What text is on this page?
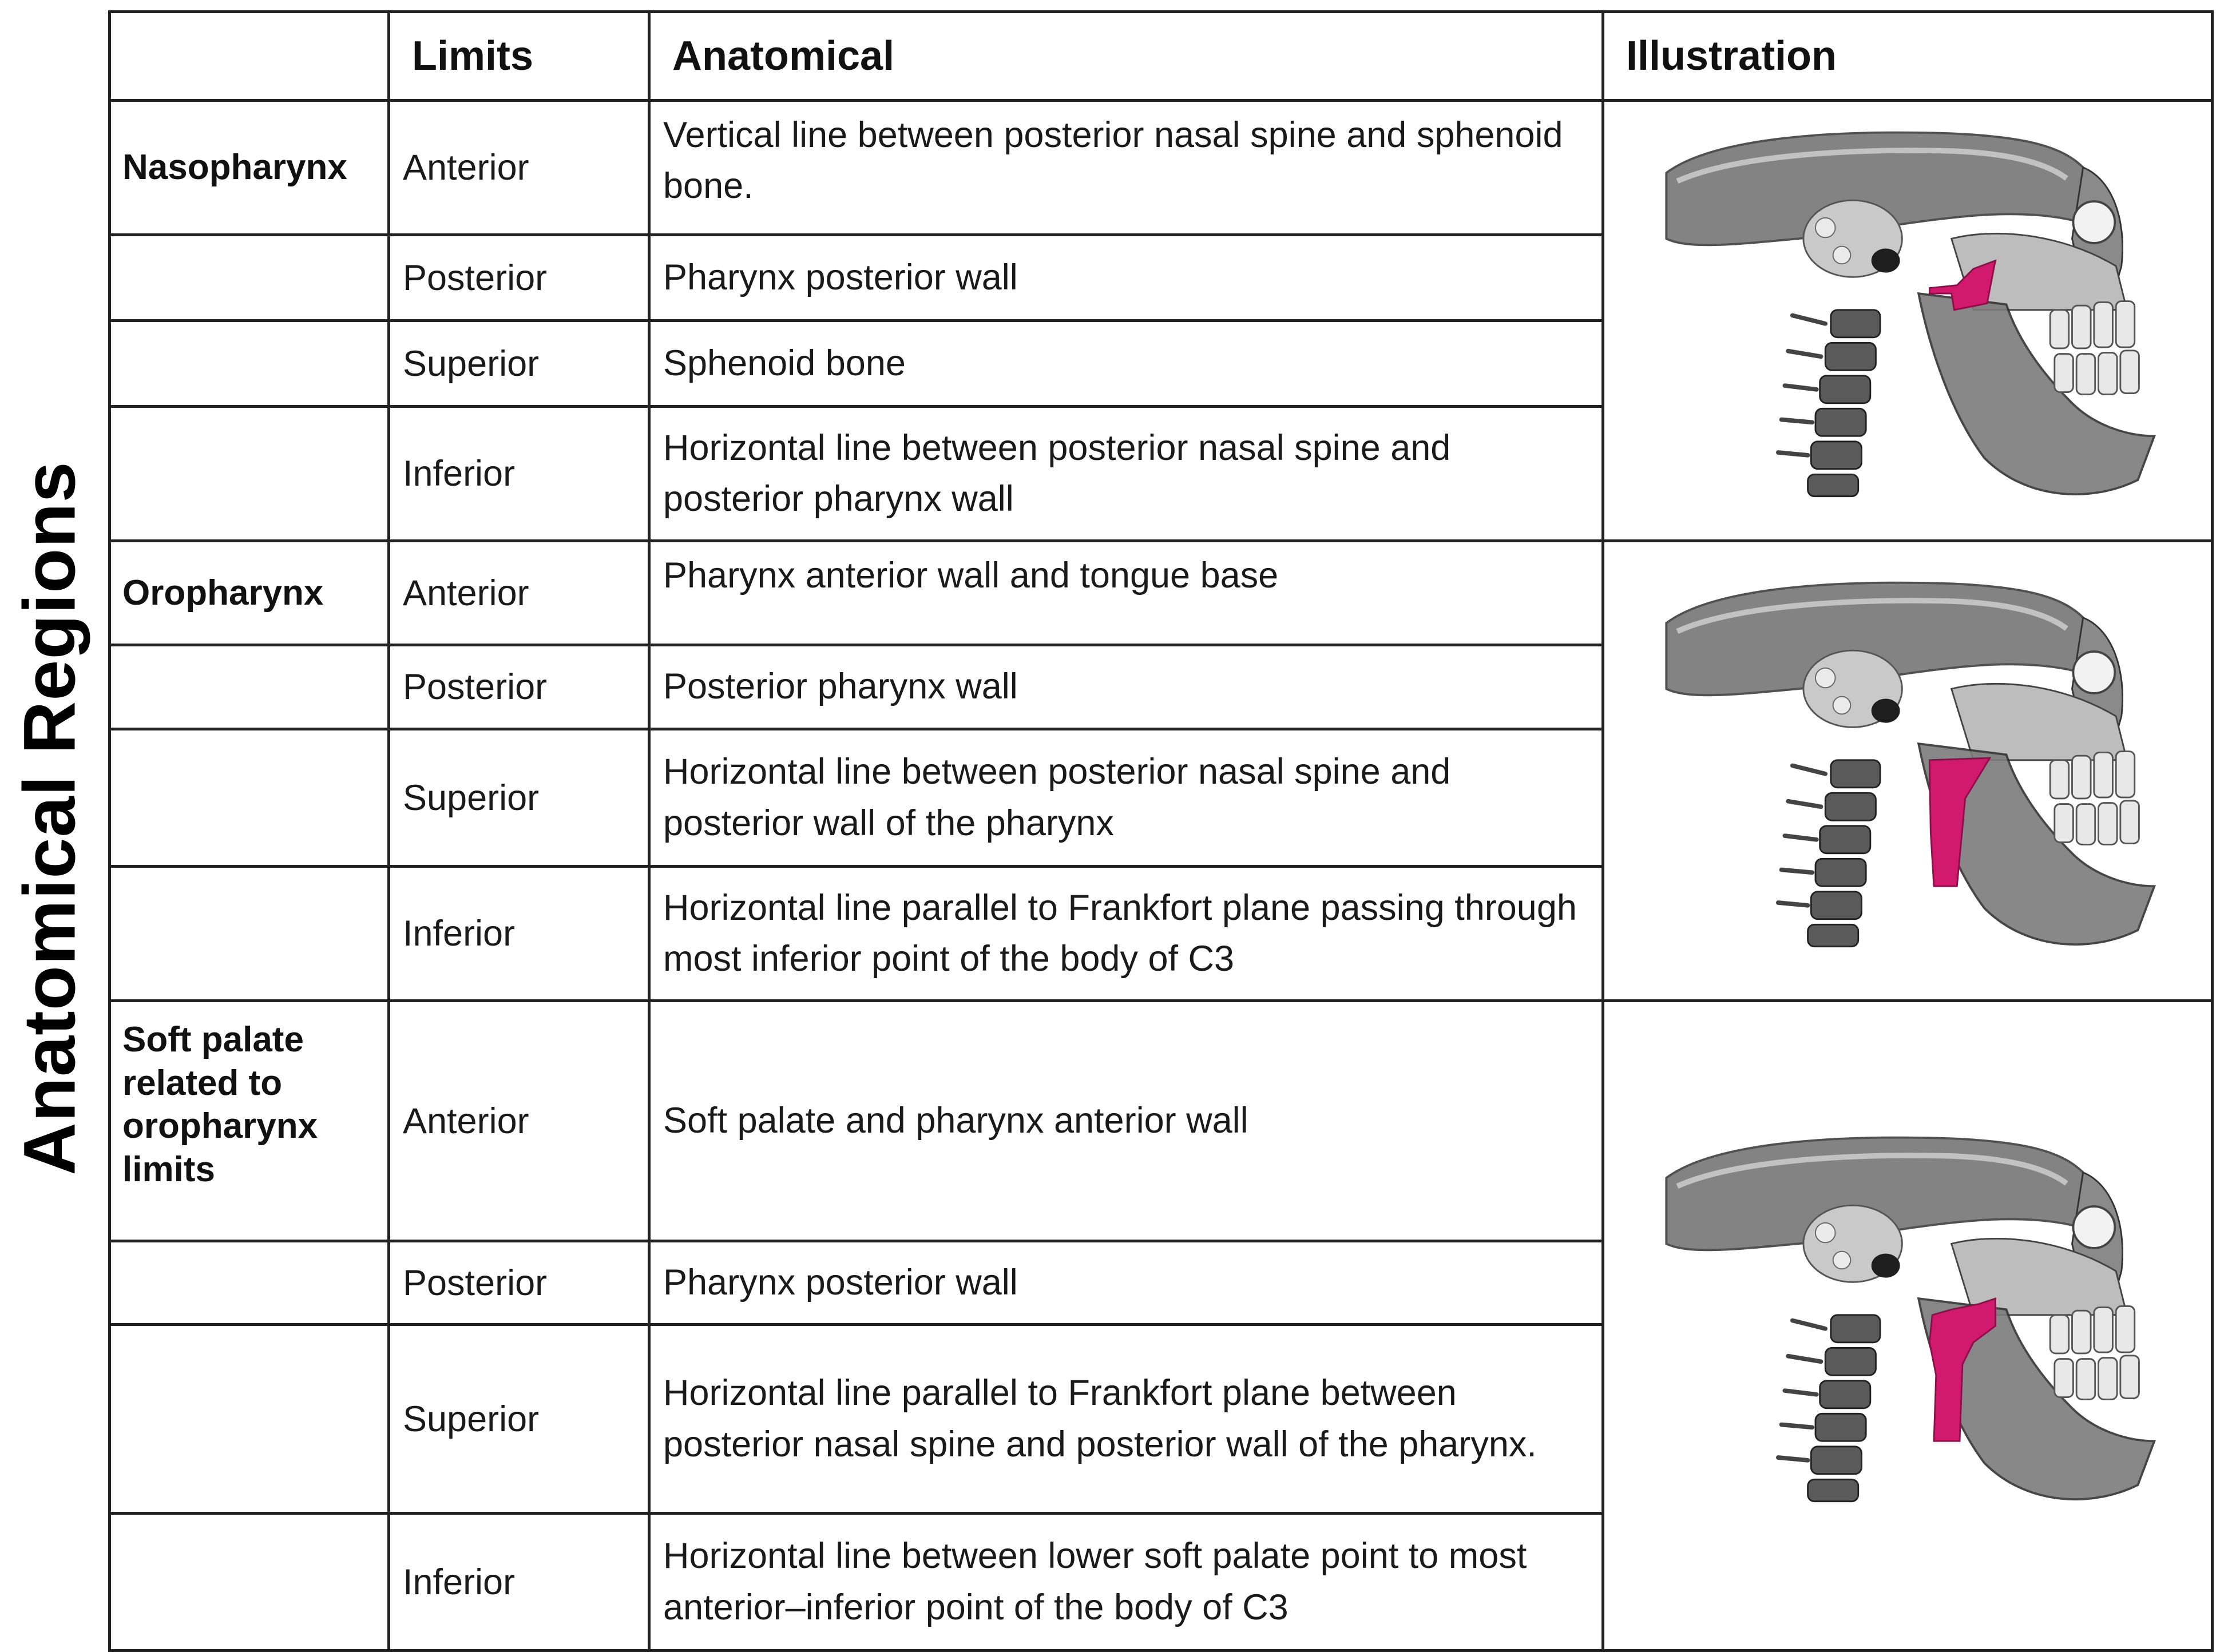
Anatomical Regions
	Limits	Anatomical	Illustration
Nasopharynx	Anterior	Vertical line between posterior nasal spine and sphenoid bone.	

	Posterior	Pharynx posterior wall	
	Superior	Sphenoid bone	
	Inferior	Horizontal line between posterior nasal spine and posterior pharynx wall	
Oropharynx	Anterior	Pharynx anterior wall and tongue base	

	Posterior	Posterior pharynx wall	
	Superior	Horizontal line between posterior nasal spine and posterior wall of the pharynx	
	Inferior	Horizontal line parallel to Frankfort plane passing through most inferior point of the body of C3	
Soft palate related to oropharynx limits	Anterior	Soft palate and pharynx anterior wall	

	Posterior	Pharynx posterior wall	
	Superior	Horizontal line parallel to Frankfort plane between posterior nasal spine and posterior wall of the pharynx.	
	Inferior	Horizontal line between lower soft palate point to most anterior–inferior point of the body of C3	
